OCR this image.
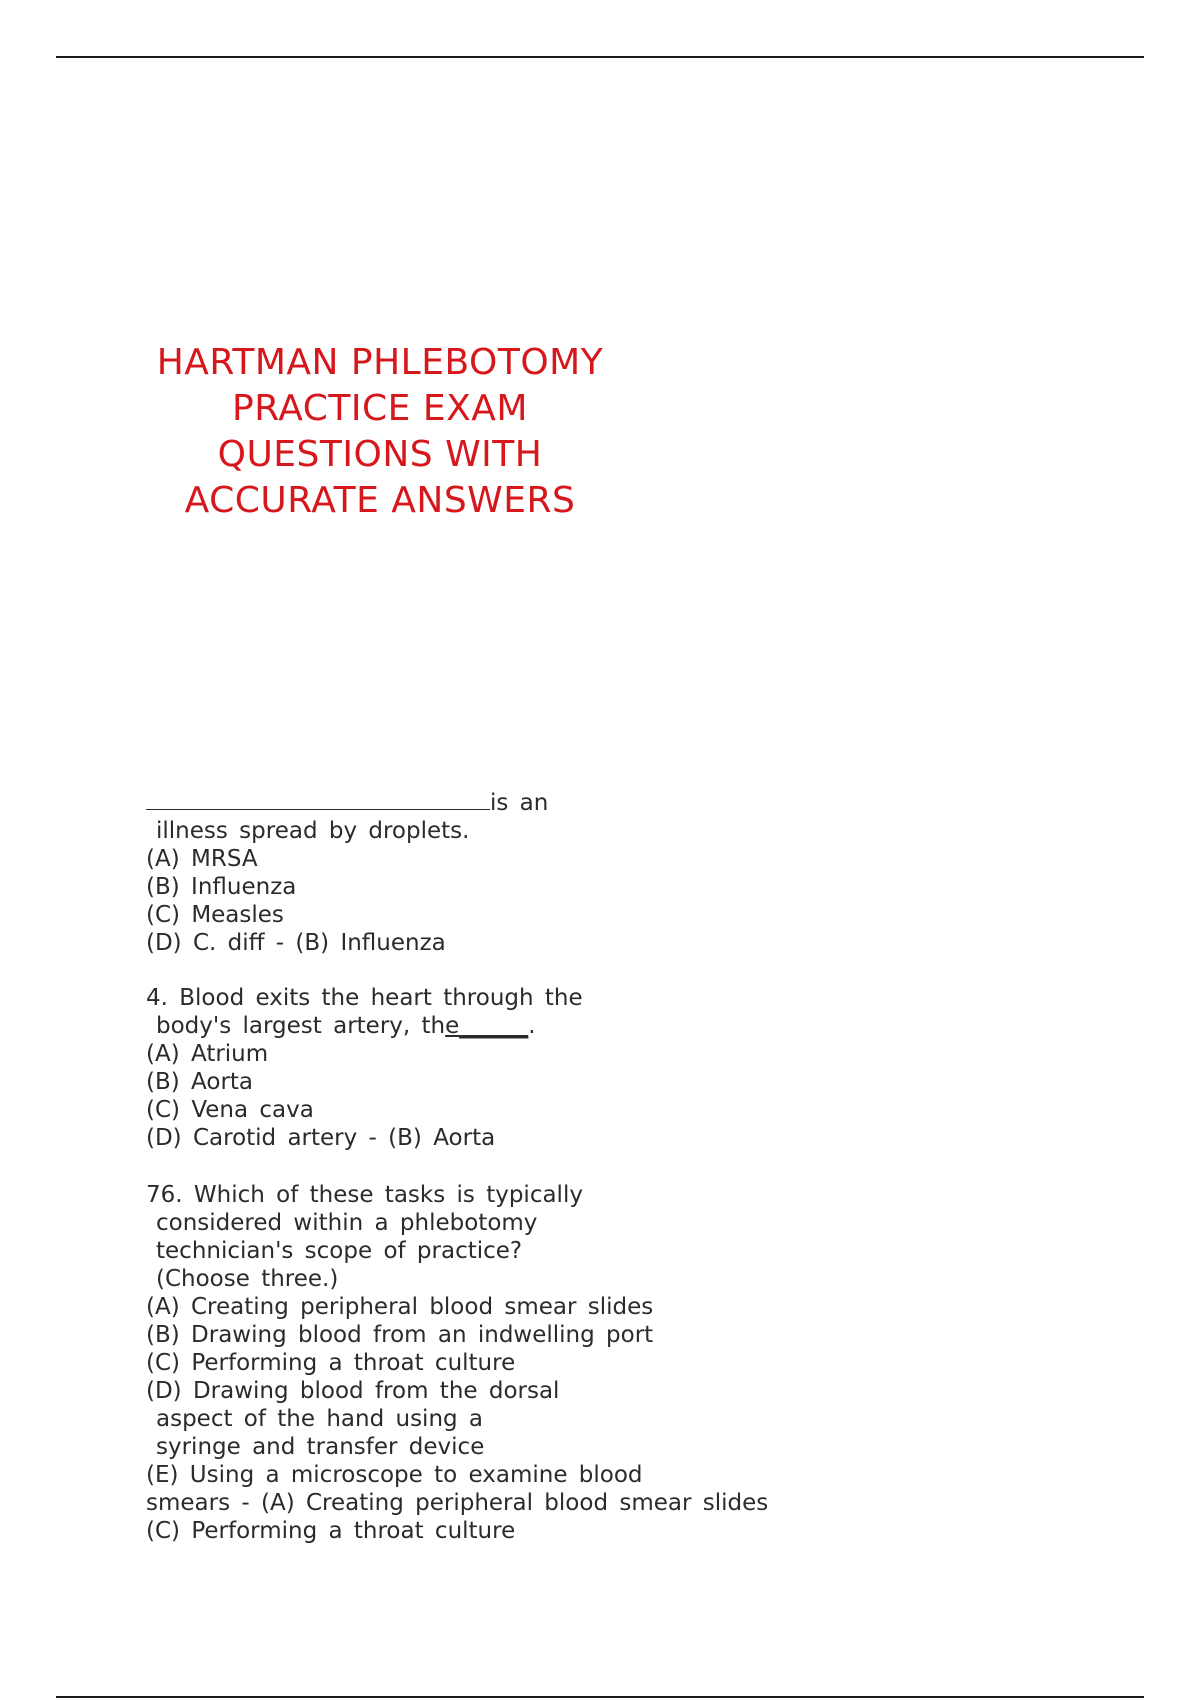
HARTMAN PHLEBOTOMY
PRACTICE EXAM
QUESTIONS WITH
ACCURATE ANSWERS
is an
illness spread by droplets.
(A) MRSA
(B) Influenza
(C) Measles
(D) C. diff - (B) Influenza
4. Blood exits the heart through the
body's largest artery, the______.
(A) Atrium
(B) Aorta
(C) Vena cava
(D) Carotid artery - (B) Aorta
76. Which of these tasks is typically
considered within a phlebotomy
technician's scope of practice?
(Choose three.)
(A) Creating peripheral blood smear slides
(B) Drawing blood from an indwelling port
(C) Performing a throat culture
(D) Drawing blood from the dorsal
aspect of the hand using a
syringe and transfer device
(E) Using a microscope to examine blood
smears - (A) Creating peripheral blood smear slides
(C) Performing a throat culture
